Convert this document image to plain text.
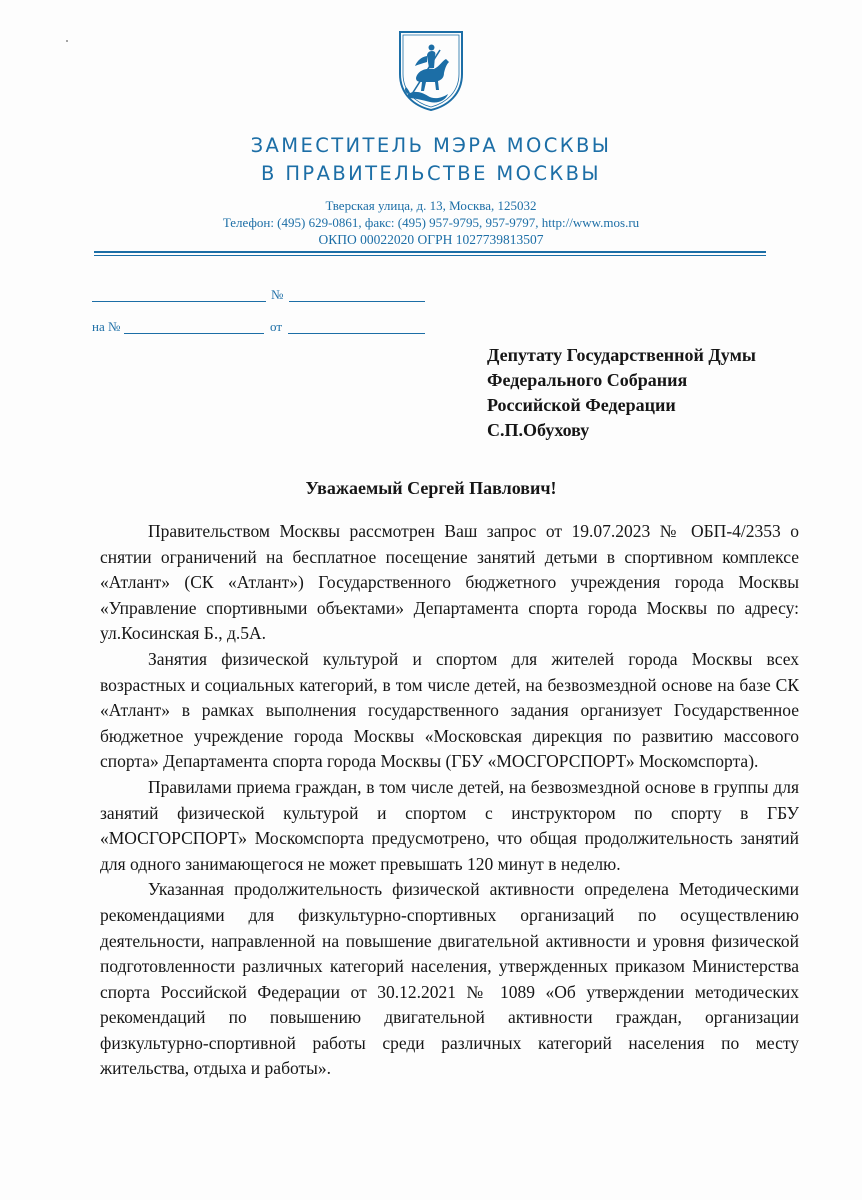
ЗАМЕСТИТЕЛЬ МЭРА МОСКВЫ
В ПРАВИТЕЛЬСТВЕ МОСКВЫ
Тверская улица, д. 13, Москва, 125032
Телефон: (495) 629-0861, факс: (495) 957-9795, 957-9797, http://www.mos.ru
ОКПО 00022020 ОГРН 1027739813507
№
на №	от
Депутату Государственной Думы
Федерального Собрания
Российской Федерации
С.П.Обухову
Уважаемый Сергей Павлович!

Правительством Москвы рассмотрен Ваш запрос от 19.07.2023 № ОБП-4/2353 о снятии ограничений на бесплатное посещение занятий детьми в спортивном комплексе «Атлант» (СК «Атлант») Государственного бюджетного учреждения города Москвы «Управление спортивными объектами» Департамента спорта города Москвы по адресу: ул.Косинская Б., д.5А.

Занятия физической культурой и спортом для жителей города Москвы всех возрастных и социальных категорий, в том числе детей, на безвозмездной основе на базе СК «Атлант» в рамках выполнения государственного задания организует Государственное бюджетное учреждение города Москвы «Московская дирекция по развитию массового спорта» Департамента спорта города Москвы (ГБУ «МОСГОРСПОРТ» Москомспорта).

Правилами приема граждан, в том числе детей, на безвозмездной основе в группы для занятий физической культурой и спортом с инструктором по спорту в ГБУ «МОСГОРСПОРТ» Москомспорта предусмотрено, что общая продолжительность занятий для одного занимающегося не может превышать 120 минут в неделю.

Указанная продолжительность физической активности определена Методическими рекомендациями для физкультурно-спортивных организаций по осуществлению деятельности, направленной на повышение двигательной активности и уровня физической подготовленности различных категорий населения, утвержденных приказом Министерства спорта Российской Федерации от 30.12.2021 № 1089 «Об утверждении методических рекомендаций по повышению двигательной активности граждан, организации физкультурно-спортивной работы среди различных категорий населения по месту жительства, отдыха и работы».
